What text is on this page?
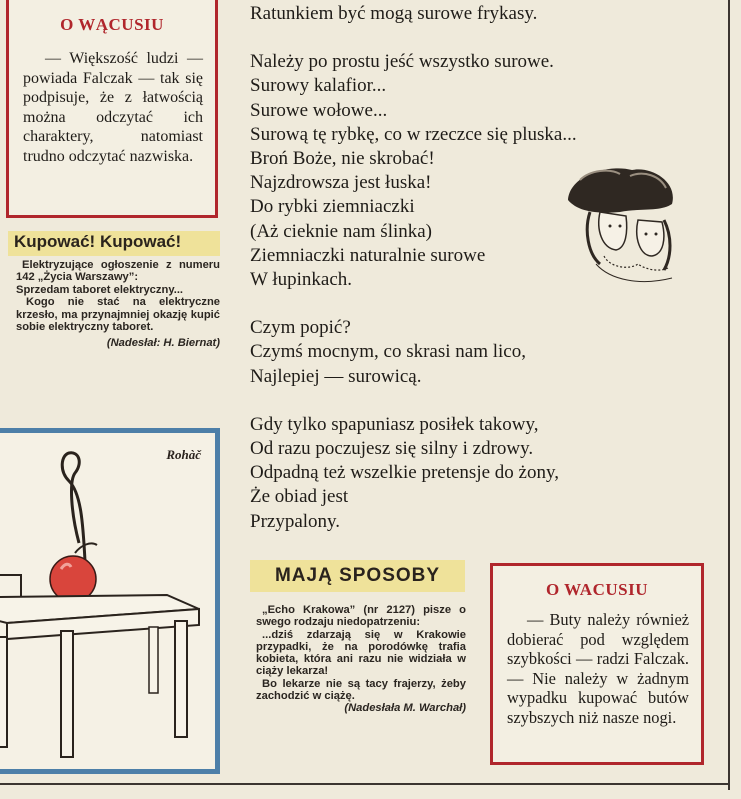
O WĄCUSIU
— Większość ludzi — powiada Falczak — tak się podpisuje, że z łatwością można odczytać ich charaktery, natomiast trudno odczytać nazwiska.
Kupować! Kupować!

Elektryzujące ogłoszenie z numeru 142 „Życia Warszawy”:

Sprzedam taboret elektryczny...

Kogo nie stać na elektryczne krzesło, ma przynajmniej okazję kupić sobie elektryczny taboret.

(Nadesłał: H. Biernat)

Rohàč
Ratunkiem być mogą surowe frykasy.
Należy po prostu jeść wszystko surowe.
Surowy kalafior...
Surowe wołowe...
Surową tę rybkę, co w rzeczce się pluska...
Broń Boże, nie skrobać!
Najzdrowsza jest łuska!
Do rybki ziemniaczki
(Aż cieknie nam ślinka)
Ziemniaczki naturalnie surowe
W łupinkach.
Czym popić?
Czymś mocnym, co skrasi nam lico,
Najlepiej — surowicą.
Gdy tylko spapuniasz posiłek takowy,
Od razu poczujesz się silny i zdrowy.
Odpadną też wszelkie pretensje do żony,
Że obiad jest
Przypalony.
MAJĄ SPOSOBY

„Echo Krakowa” (nr 2127) pisze o swego rodzaju niedopatrzeniu:

...dziś zdarzają się w Krakowie przypadki, że na porodówkę trafia kobieta, która ani razu nie widziała w ciąży lekarza!

Bo lekarze nie są tacy frajerzy, żeby zachodzić w ciążę.

(Nadesłała M. Warchał)

O WACUSIU
— Buty należy również dobierać pod względem szybkości — radzi Falczak. — Nie należy w żadnym wypadku kupować butów szybszych niż nasze nogi.
